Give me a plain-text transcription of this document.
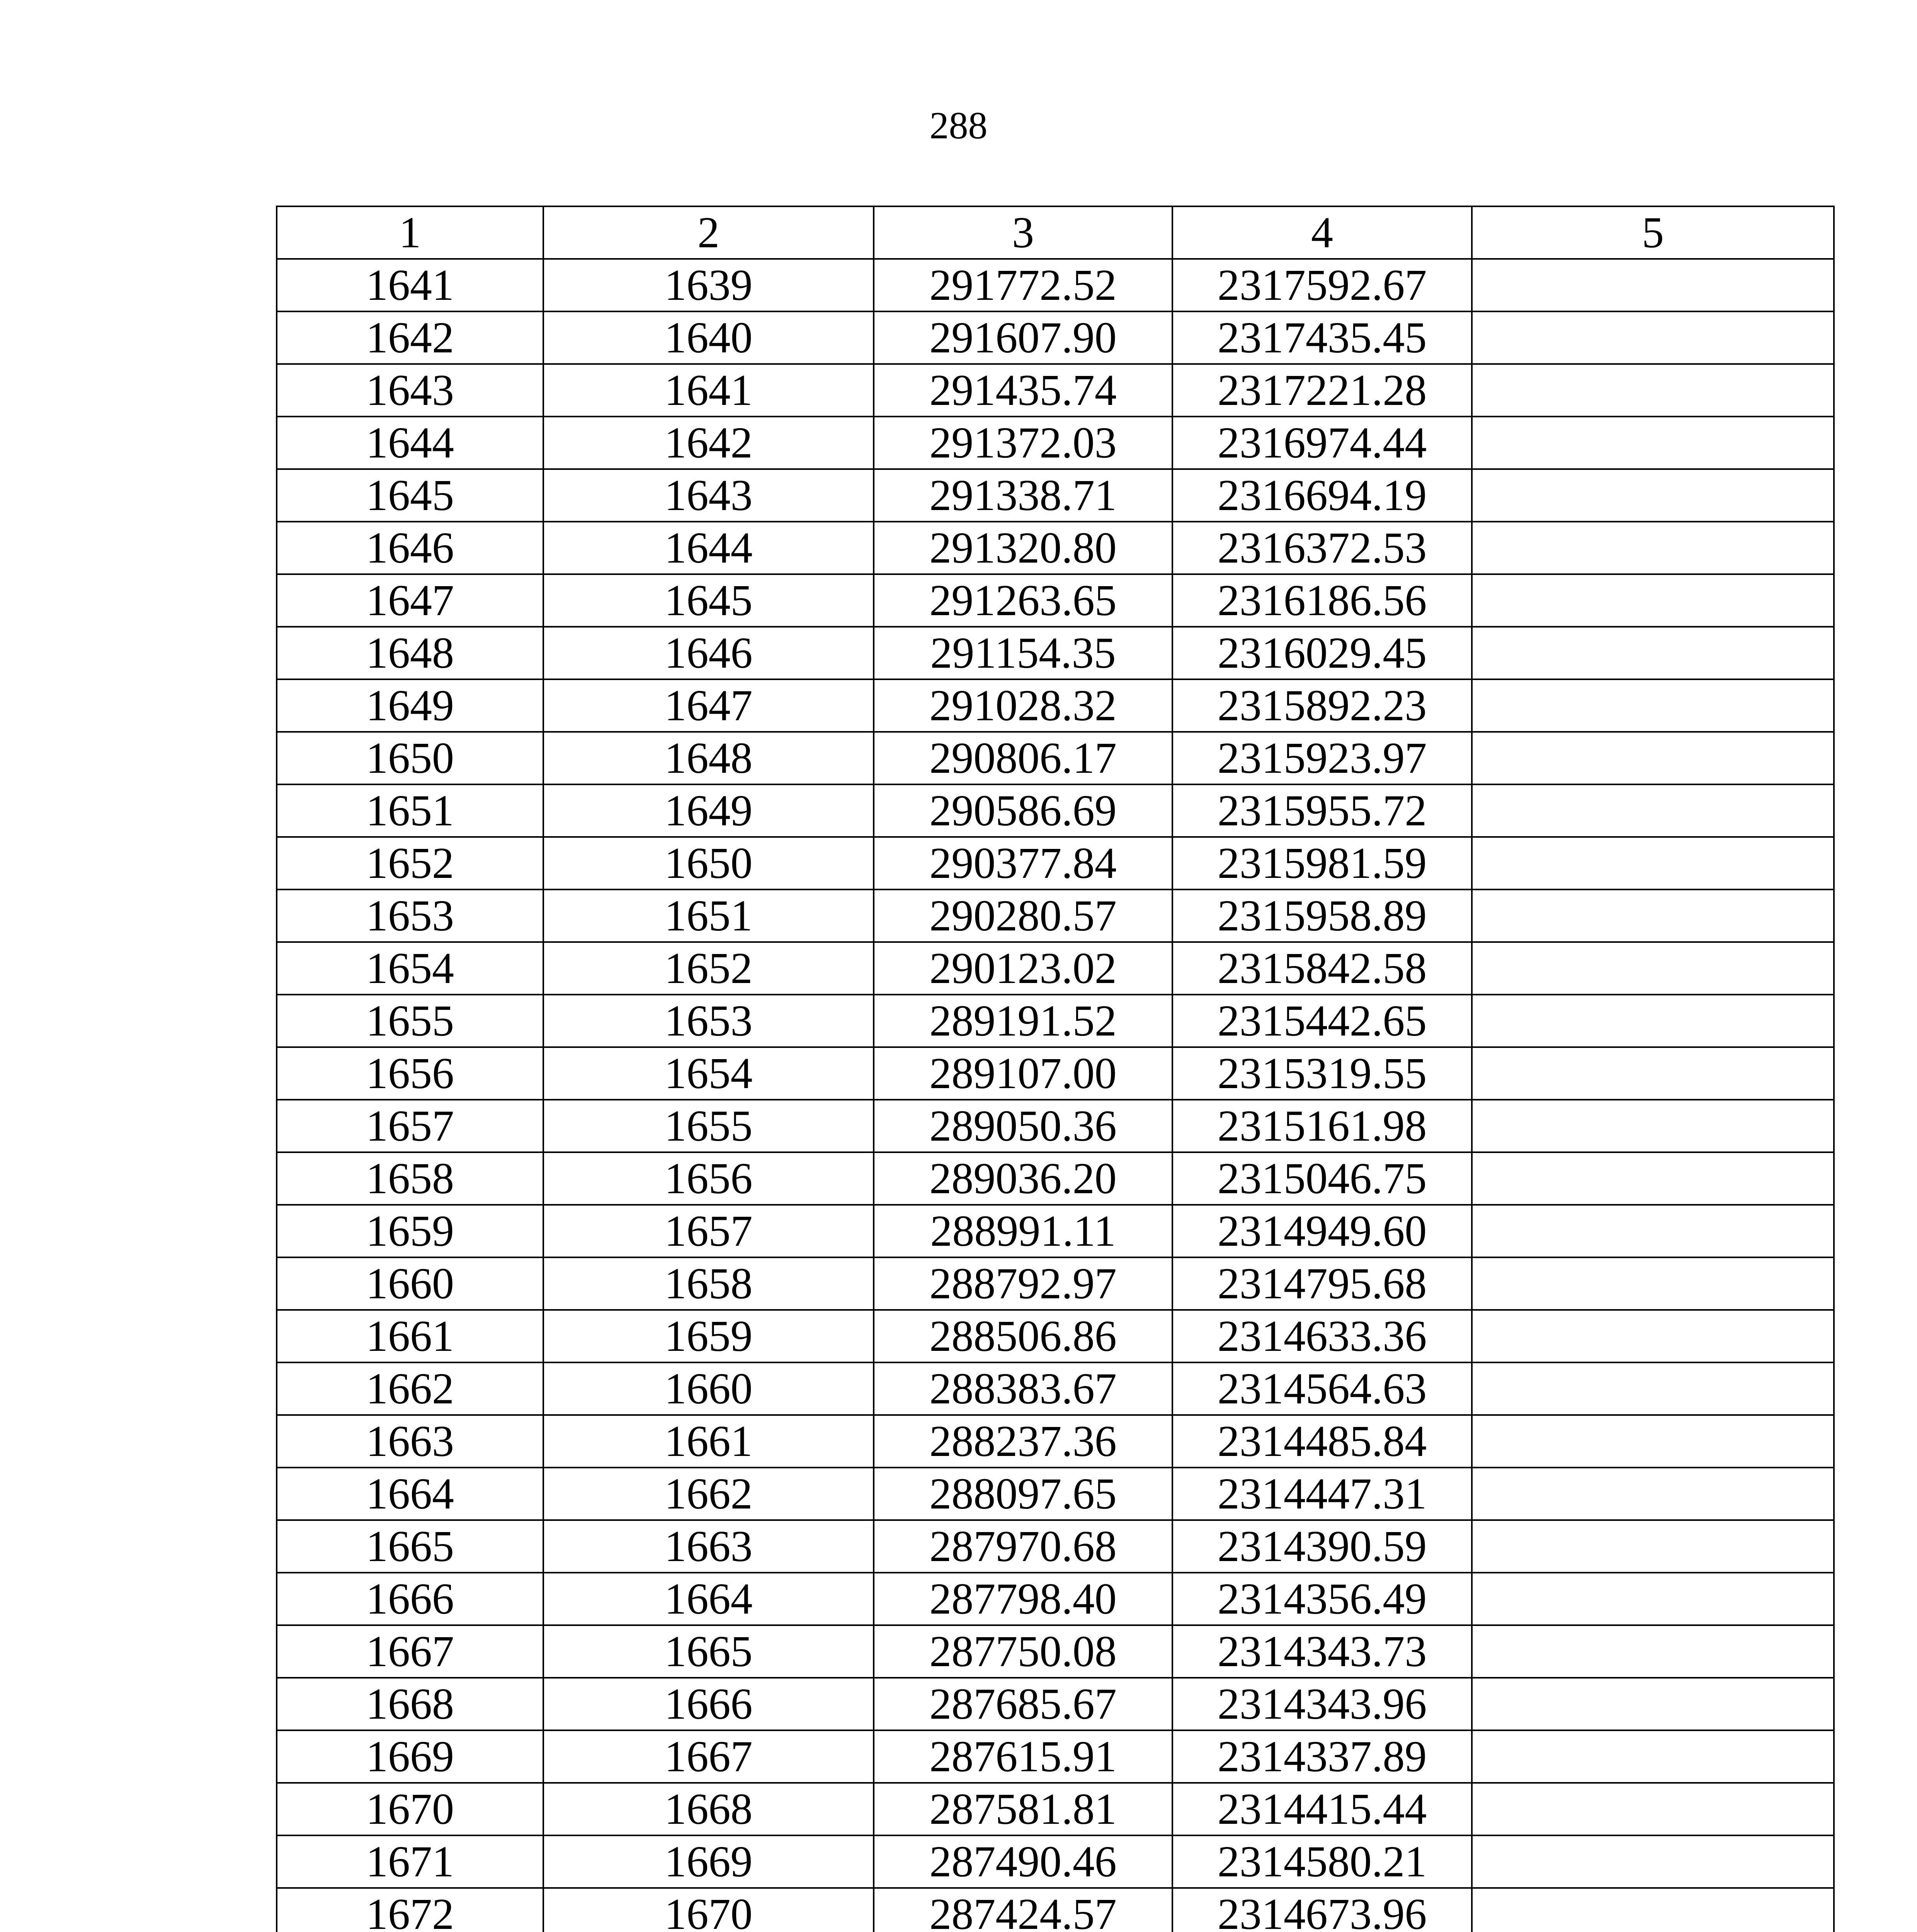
288
1	2	3	4	5
1641	1639	291772.52	2317592.67	
1642	1640	291607.90	2317435.45	
1643	1641	291435.74	2317221.28	
1644	1642	291372.03	2316974.44	
1645	1643	291338.71	2316694.19	
1646	1644	291320.80	2316372.53	
1647	1645	291263.65	2316186.56	
1648	1646	291154.35	2316029.45	
1649	1647	291028.32	2315892.23	
1650	1648	290806.17	2315923.97	
1651	1649	290586.69	2315955.72	
1652	1650	290377.84	2315981.59	
1653	1651	290280.57	2315958.89	
1654	1652	290123.02	2315842.58	
1655	1653	289191.52	2315442.65	
1656	1654	289107.00	2315319.55	
1657	1655	289050.36	2315161.98	
1658	1656	289036.20	2315046.75	
1659	1657	288991.11	2314949.60	
1660	1658	288792.97	2314795.68	
1661	1659	288506.86	2314633.36	
1662	1660	288383.67	2314564.63	
1663	1661	288237.36	2314485.84	
1664	1662	288097.65	2314447.31	
1665	1663	287970.68	2314390.59	
1666	1664	287798.40	2314356.49	
1667	1665	287750.08	2314343.73	
1668	1666	287685.67	2314343.96	
1669	1667	287615.91	2314337.89	
1670	1668	287581.81	2314415.44	
1671	1669	287490.46	2314580.21	
1672	1670	287424.57	2314673.96	
